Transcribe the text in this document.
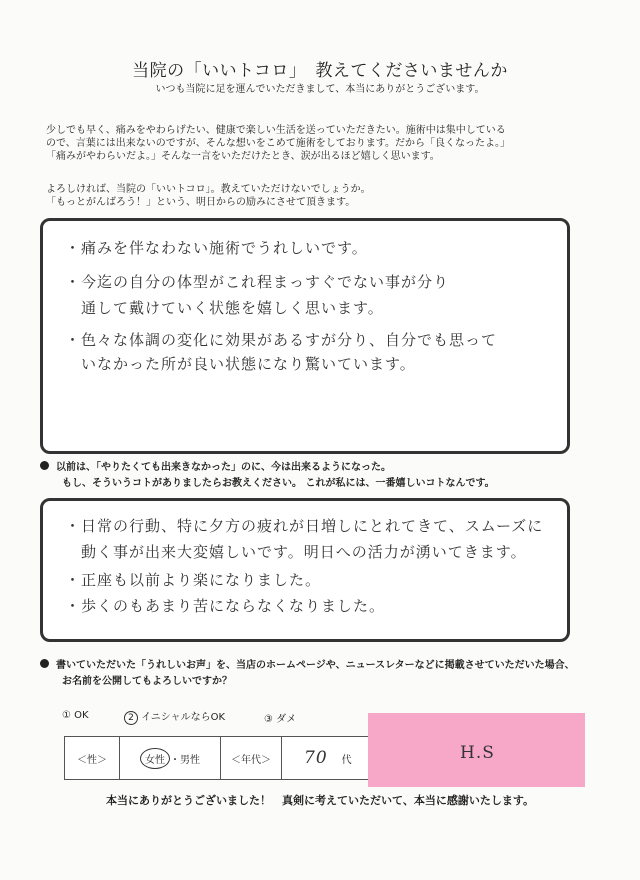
当院の「いいトコロ」　教えてくださいませんか
いつも当院に足を運んでいただきまして、本当にありがとうございます。
少しでも早く、痛みをやわらげたい、健康で楽しい生活を送っていただきたい。施術中は集中している
ので、言葉には出来ないのですが、そんな想いをこめて施術をしております。だから「良くなったよ。」
「痛みがやわらいだよ。」そんな一言をいただけたとき、涙が出るほど嬉しく思います。
よろしければ、当院の「いいトコロ」。教えていただけないでしょうか。
「もっとがんばろう！」という、明日からの励みにさせて頂きます。
・痛みを伴なわない施術でうれしいです。
・今迄の自分の体型がこれ程まっすぐでない事が分り
　通して戴けていく状態を嬉しく思います。
・色々な体調の変化に効果があるすが分り、自分でも思って
　いなかった所が良い状態になり驚いています。
以前は、「やりたくても出来きなかった」のに、今は出来るようになった。
もし、そういうコトがありましたらお教えください。 これが私には、一番嬉しいコトなんです。
・日常の行動、特に夕方の疲れが日増しにとれてきて、スムーズに
　動く事が出来大変嬉しいです。明日への活力が湧いてきます。
・正座も以前より楽になりました。
・歩くのもあまり苦にならなくなりました。
書いていただいた「うれしいお声」を、当店のホームページや、ニュースレターなどに掲載させていただいた場合、
お名前を公開してもよろしいですか？
① OK	2 イニシャルならOK	③ ダメ
＜性＞	女性 ・ 男性	＜年代＞	70 代	H.S
本当にありがとうございました！　真剣に考えていただいて、本当に感謝いたします。
